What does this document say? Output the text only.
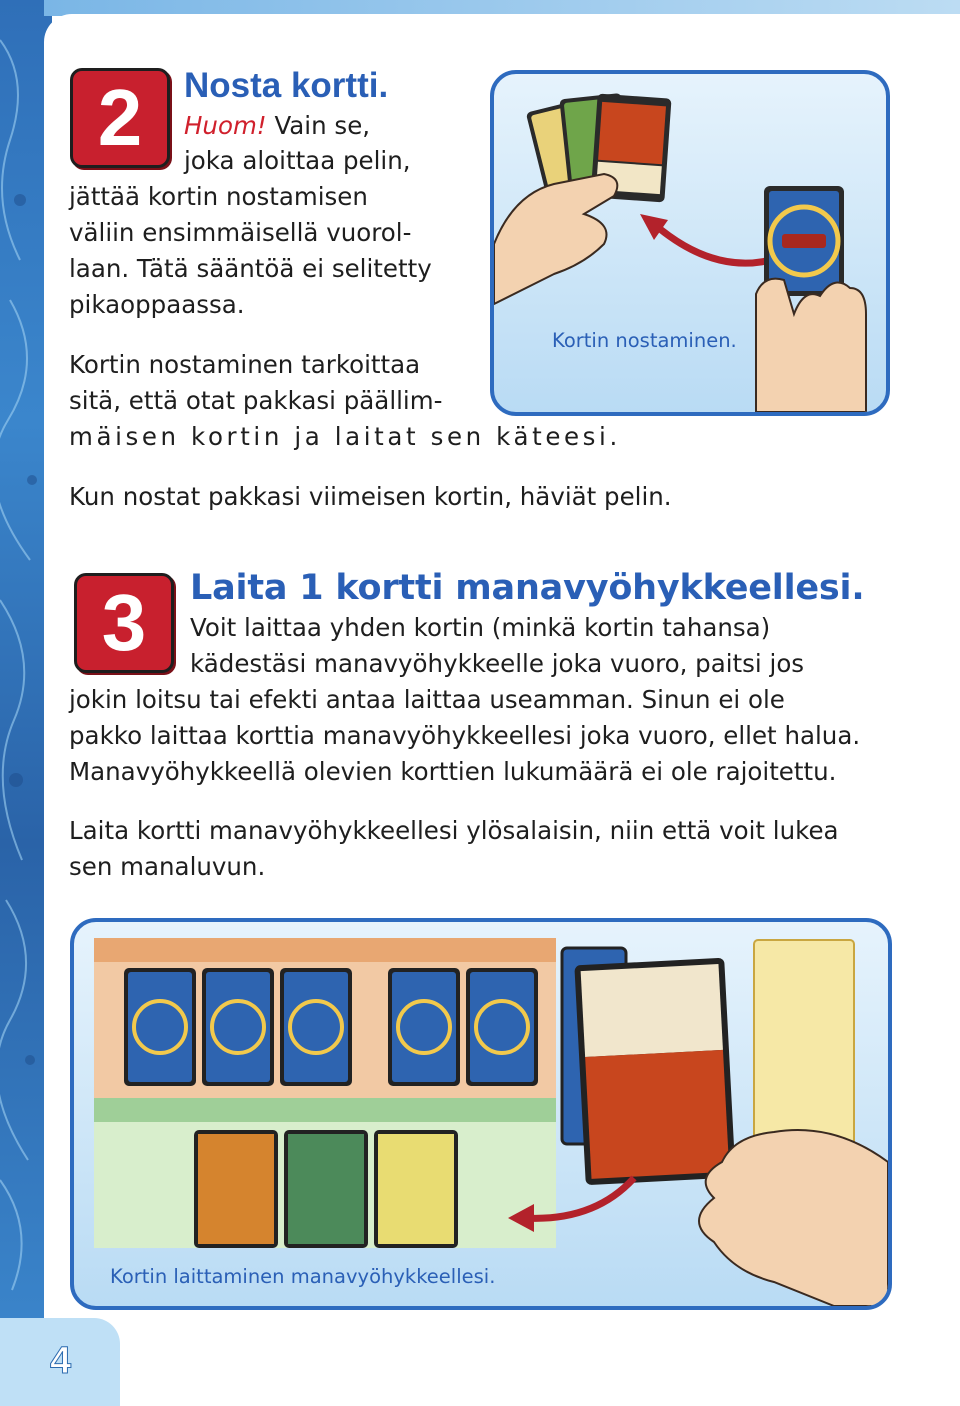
2	Nosta kortti.
Huom! Vain se,
joka aloittaa pelin,
jättää kortin nostamisen
väliin ensimmäisellä vuorol-
laan. Tätä sääntöä ei selitetty
pikaoppaassa.
Kortin nostaminen tarkoittaa
sitä, että otat pakkasi päällim-
mäisen kortin ja laitat sen käteesi.
Kun nostat pakkasi viimeisen kortin, häviät pelin.
Kortin nostaminen.
3	Laita 1 kortti manavyöhykkeellesi.
Voit laittaa yhden kortin (minkä kortin tahansa)
kädestäsi manavyöhykkeelle joka vuoro, paitsi jos
jokin loitsu tai efekti antaa laittaa useamman. Sinun ei ole
pakko laittaa korttia manavyöhykkeellesi joka vuoro, ellet halua.
Manavyöhykkeellä olevien korttien lukumäärä ei ole rajoitettu.
Laita kortti manavyöhykkeellesi ylösalaisin, niin että voit lukea
sen manaluvun.
Kortin laittaminen manavyöhykkeellesi.
4
